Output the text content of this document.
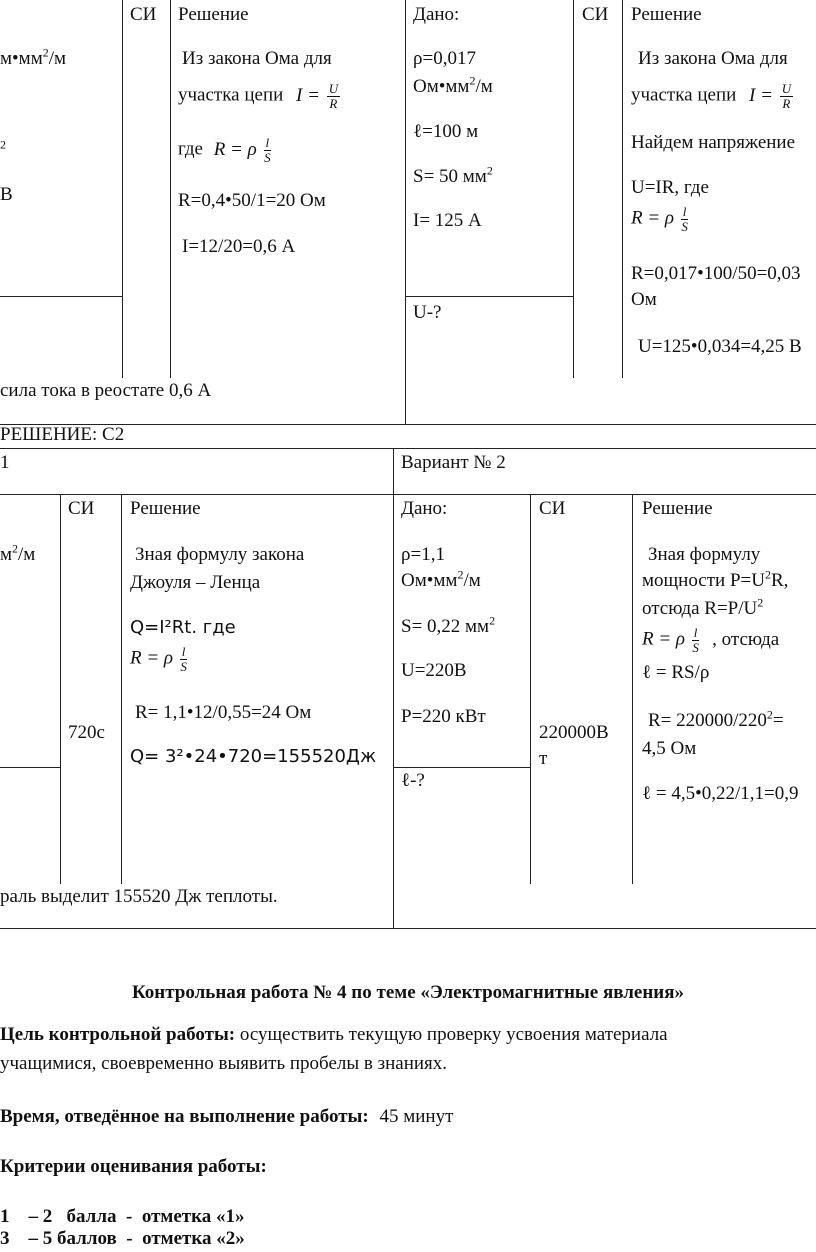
$м•мм^2/м$
$^2$
В
СИ Решение
Из закона Ома для
участка цепи $I = \frac{U}{R}$
где R = ρ $\frac{l}{S}$
R=0,4•50/1=20 Ом
I=12/20=0,6 А
сила тока в реостате 0,6 А
Дано:
ρ=0,017
$Ом•мм^2/м$
ℓ=100 м
S= 50 $мм^2$
I= 125 А
U-?
СИ Решение
Из закона Ома для
участка цепи $I = \frac{U}{R}$
Найдем напряжение
U=IR, где
R = ρ $\frac{l}{S}$
R=0,017•100/50=0,03
Ом
U=125•0,034=4,25 В
РЕШЕНИЕ: С2
1
$м^2/м$
СИ
720с
Решение
Зная формулу закона
Джоуля – Ленца
Q=I²Rt. где
R = ρ $\frac{l}{S}$
R= 1,1•12/0,55=24 Ом
Q= 3²•24•720=155520Дж
раль выделит 155520 Дж теплоты.
Вариант № 2
Дано:
ρ=1,1
$Ом•мм^2/м$
S= 0,22 $мм^2$
U=220В
P=220 кВт
ℓ-?
СИ
220000В
т
Решение
Зная формулу
мощности $P=U^2R$,
отсюда $R=P/U^2$
R = ρ $\frac{l}{S}$ , отсюда
ℓ = RS/ρ
$R= 220000/220^2=$
4,5 Ом
ℓ = 4,5•0,22/1,1=0,9
Контрольная работа № 4 по теме «Электромагнитные явления»
Цель контрольной работы: осуществить текущую проверку усвоения материала
учащимися, своевременно выявить пробелы в знаниях.
Время, отведённое на выполнение работы: 45 минут
Критерии оценивания работы:
1    – 2   балла  -  отметка «1»
3    – 5 баллов  -  отметка «2»
